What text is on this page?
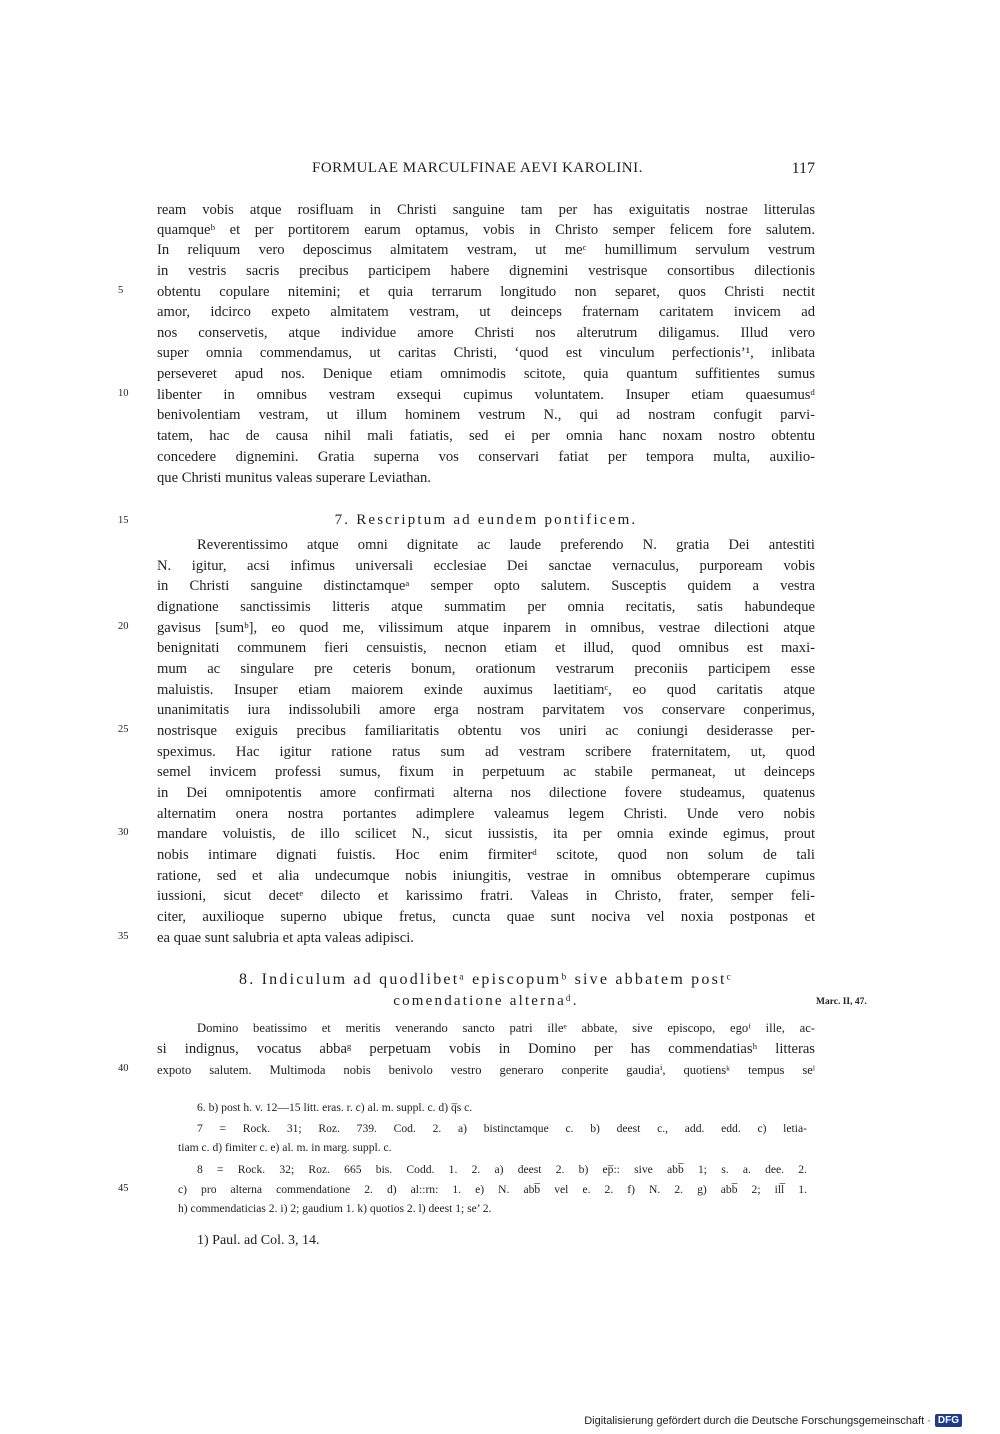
FORMULAE MARCULFINAE AEVI KAROLINI.	117
ream vobis atque rosifluam in Christi sanguine tam per has exiguitatis nostrae litterulas
quamqueᵇ et per portitorem earum optamus, vobis in Christo semper felicem fore salutem.
In reliquum vero deposcimus almitatem vestram, ut meᶜ humillimum servulum vestrum
in vestris sacris precibus participem habere dignemini vestrisque consortibus dilectionis
obtentu copulare nitemini; et quia terrarum longitudo non separet, quos Christi nectit
amor, idcirco expeto almitatem vestram, ut deinceps fraternam caritatem invicem ad
nos conservetis, atque individue amore Christi nos alterutrum diligamus. Illud vero
super omnia commendamus, ut caritas Christi, ‘quod est vinculum perfectionis’¹, inlibata
perseveret apud nos. Denique etiam omnimodis scitote, quia quantum suffitientes sumus
libenter in omnibus vestram exsequi cupimus voluntatem. Insuper etiam quaesumusᵈ
benivolentiam vestram, ut illum hominem vestrum N., qui ad nostram confugit parvi-
tatem, hac de causa nihil mali fatiatis, sed ei per omnia hanc noxam nostro obtentu
concedere dignemini. Gratia superna vos conservari fatiat per tempora multa, auxilio-
que Christi munitus valeas superare Leviathan.
7. Rescriptum ad eundem pontificem.
Reverentissimo atque omni dignitate ac laude preferendo N. gratia Dei antestiti
N. igitur, acsi infimus universali ecclesiae Dei sanctae vernaculus, purpoream vobis
in Christi sanguine distinctamqueᵃ semper opto salutem. Susceptis quidem a vestra
dignatione sanctissimis litteris atque summatim per omnia recitatis, satis habundeque
gavisus [sumᵇ], eo quod me, vilissimum atque inparem in omnibus, vestrae dilectioni atque
benignitati communem fieri censuistis, necnon etiam et illud, quod omnibus est maxi-
mum ac singulare pre ceteris bonum, orationum vestrarum preconiis participem esse
maluistis. Insuper etiam maiorem exinde auximus laetitiamᶜ, eo quod caritatis atque
unanimitatis iura indissolubili amore erga nostram parvitatem vos conservare conperimus,
nostrisque exiguis precibus familiaritatis obtentu vos uniri ac coniungi desiderasse per-
speximus. Hac igitur ratione ratus sum ad vestram scribere fraternitatem, ut, quod
semel invicem professi sumus, fixum in perpetuum ac stabile permaneat, ut deinceps
in Dei omnipotentis amore confirmati alterna nos dilectione fovere studeamus, quatenus
alternatim onera nostra portantes adimplere valeamus legem Christi. Unde vero nobis
mandare voluistis, de illo scilicet N., sicut iussistis, ita per omnia exinde egimus, prout
nobis intimare dignati fuistis. Hoc enim firmiterᵈ scitote, quod non solum de tali
ratione, sed et alia undecumque nobis iniungitis, vestrae in omnibus obtemperare cupimus
iussioni, sicut decetᵉ dilecto et karissimo fratri. Valeas in Christo, frater, semper feli-
citer, auxilioque superno ubique fretus, cuncta quae sunt nociva vel noxia postponas et
ea quae sunt salubria et apta valeas adipisci.
8. Indiculum ad quodlibetᵃ episcopumᵇ sive abbatem postᶜ
comendatione alternaᵈ.	Marc. II, 47.
Domino beatissimo et meritis venerando sancto patri illeᵉ abbate, sive episcopo, egoᶠ ille, ac-
si indignus, vocatus abbaᵍ perpetuam vobis in Domino per has commendatiasʰ litteras
expoto salutem. Multimoda nobis benivolo vestro generaro conperite gaudiaⁱ, quotiensᵏ tempus seˡ
5
10
15
20
25
30
35
40
45
6. b) post h. v. 12—15 litt. eras. r. c) al. m. suppl. c. d) q̅s c.
7 = Rock. 31; Roz. 739. Cod. 2. a) bistinctamque c. b) deest c., add. edd. c) letia-
tiam c. d) fimiter c. e) al. m. in marg. suppl. c.
8 = Rock. 32; Roz. 665 bis. Codd. 1. 2. a) deest 2. b) ep̅:: sive abb̅ 1; s. a. dee. 2.
c) pro alterna commendatione 2. d) al::rn: 1. e) N. abb̅ vel e. 2. f) N. 2. g) abb̅ 2; ill̅ 1.
h) commendaticias 2. i) 2; gaudium 1. k) quotios 2. l) deest 1; se’ 2.
1) Paul. ad Col. 3, 14.
Digitalisierung gefördert durch die Deutsche Forschungsgemeinschaft · DFG
